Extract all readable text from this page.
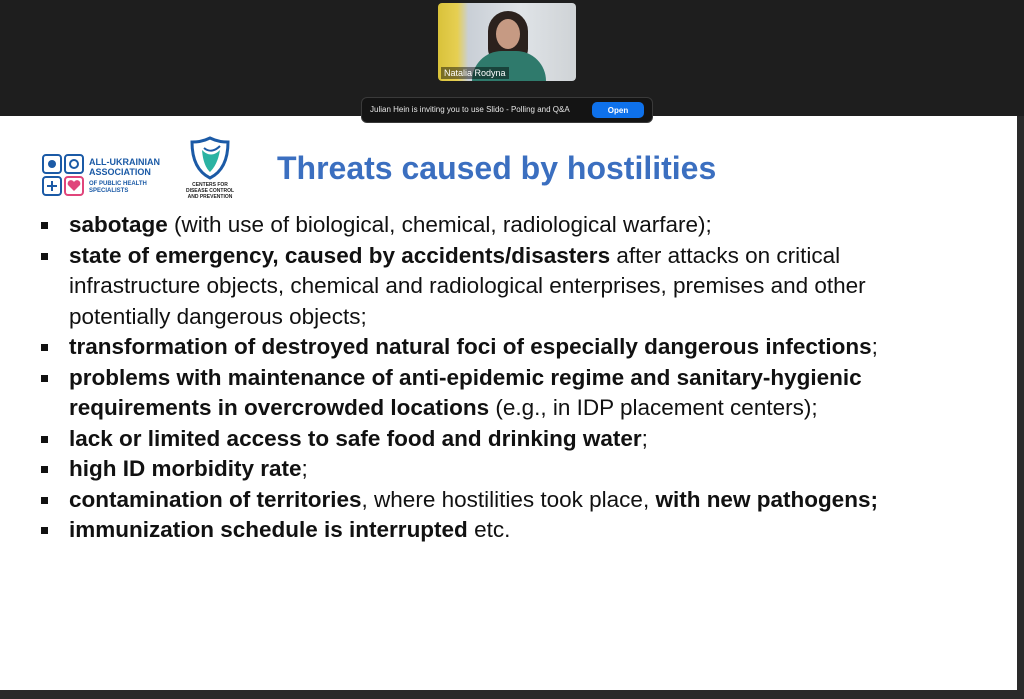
Natalia Rodyna
ALL-UKRAINIAN
ASSOCIATION
OF PUBLIC HEALTH
SPECIALISTS
CENTERS FOR
DISEASE CONTROL
AND PREVENTION
Threats caused by hostilities
sabotage (with use of biological, chemical, radiological warfare);
state of emergency, caused by accidents/disasters after attacks on critical infrastructure objects, chemical and radiological enterprises, premises and other potentially dangerous objects;
transformation of destroyed natural foci of especially dangerous infections;
problems with maintenance of anti-epidemic regime and sanitary-hygienic requirements in overcrowded locations (e.g., in IDP placement centers);
lack or limited access to safe food and drinking water;
high ID morbidity rate;
contamination of territories, where hostilities took place, with new pathogens;
immunization schedule is interrupted etc.
Julian Hein is inviting you to use Slido - Polling and Q&A	Open
